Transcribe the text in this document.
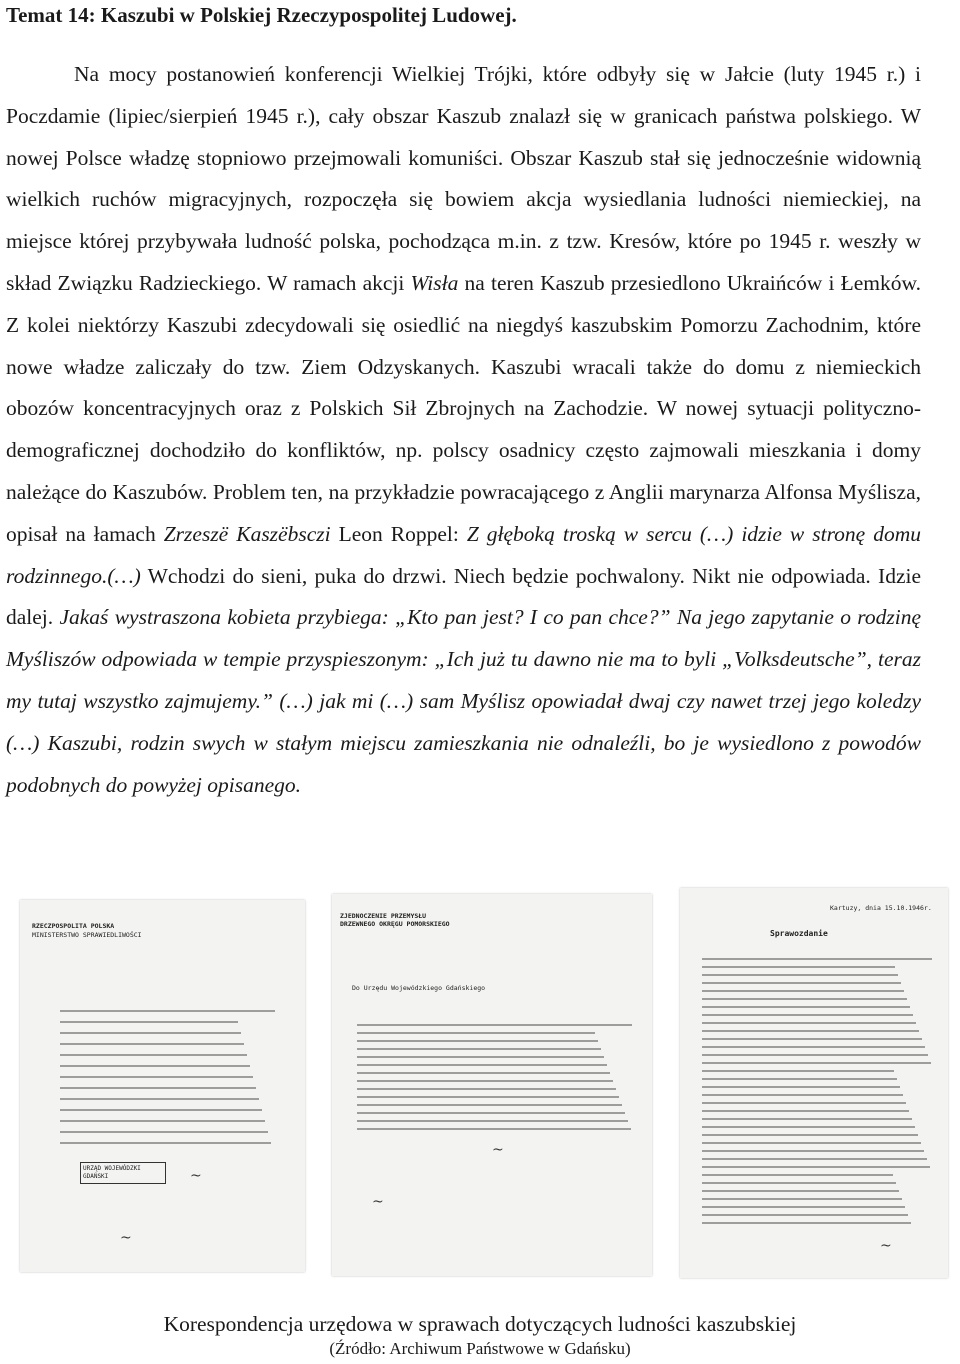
Temat 14: Kaszubi w Polskiej Rzeczypospolitej Ludowej.

Na mocy postanowień konferencji Wielkiej Trójki, które odbyły się w Jałcie (luty 1945 r.) i Poczdamie (lipiec/sierpień 1945 r.), cały obszar Kaszub znalazł się w granicach państwa polskiego. W nowej Polsce władzę stopniowo przejmowali komuniści. Obszar Kaszub stał się jednocześnie widownią wielkich ruchów migracyjnych, rozpoczęła się bowiem akcja wysiedlania ludności niemieckiej, na miejsce której przybywała ludność polska, pochodząca m.in. z tzw. Kresów, które po 1945 r. weszły w skład Związku Radzieckiego. W ramach akcji Wisła na teren Kaszub przesiedlono Ukraińców i Łemków. Z kolei niektórzy Kaszubi zdecydowali się osiedlić na niegdyś kaszubskim Pomorzu Zachodnim, które nowe władze zaliczały do tzw. Ziem Odzyskanych. Kaszubi wracali także do domu z niemieckich obozów koncentracyjnych oraz z Polskich Sił Zbrojnych na Zachodzie. W nowej sytuacji polityczno-demograficznej dochodziło do konfliktów, np. polscy osadnicy często zajmowali mieszkania i domy należące do Kaszubów. Problem ten, na przykładzie powracającego z Anglii marynarza Alfonsa Myślisza, opisał na łamach Zrzeszë Kaszëbsczi Leon Roppel: Z głęboką troską w sercu (…) idzie w stronę domu rodzinnego.(…) Wchodzi do sieni, puka do drzwi. Niech będzie pochwalony. Nikt nie odpowiada. Idzie dalej. Jakaś wystraszona kobieta przybiega: „Kto pan jest? I co pan chce?” Na jego zapytanie o rodzinę Myśliszów odpowiada w tempie przyspieszonym: „Ich już tu dawno nie ma to byli „Volksdeutsche”, teraz my tutaj wszystko zajmujemy.” (…) jak mi (…) sam Myślisz opowiadał dwaj czy nawet trzej jego koledzy (…) Kaszubi, rodzin swych w stałym miejscu zamieszkania nie odnaleźli, bo je wysiedlono z powodów podobnych do powyżej opisanego.

RZECZPOSPOLITA POLSKA
MINISTERSTWO SPRAWIEDLIWOŚCI
URZĄD WOJEWÓDZKI GDAŃSKI	~
~
ZJEDNOCZENIE PRZEMYSŁU DRZEWNEGO OKRĘGU POMORSKIEGO
Do Urzędu Wojewódzkiego Gdańskiego
~
~
Kartuzy, dnia 15.10.1946r.
Sprawozdanie
~
Korespondencja urzędowa w sprawach dotyczących ludności kaszubskiej
(Źródło: Archiwum Państwowe w Gdańsku)
